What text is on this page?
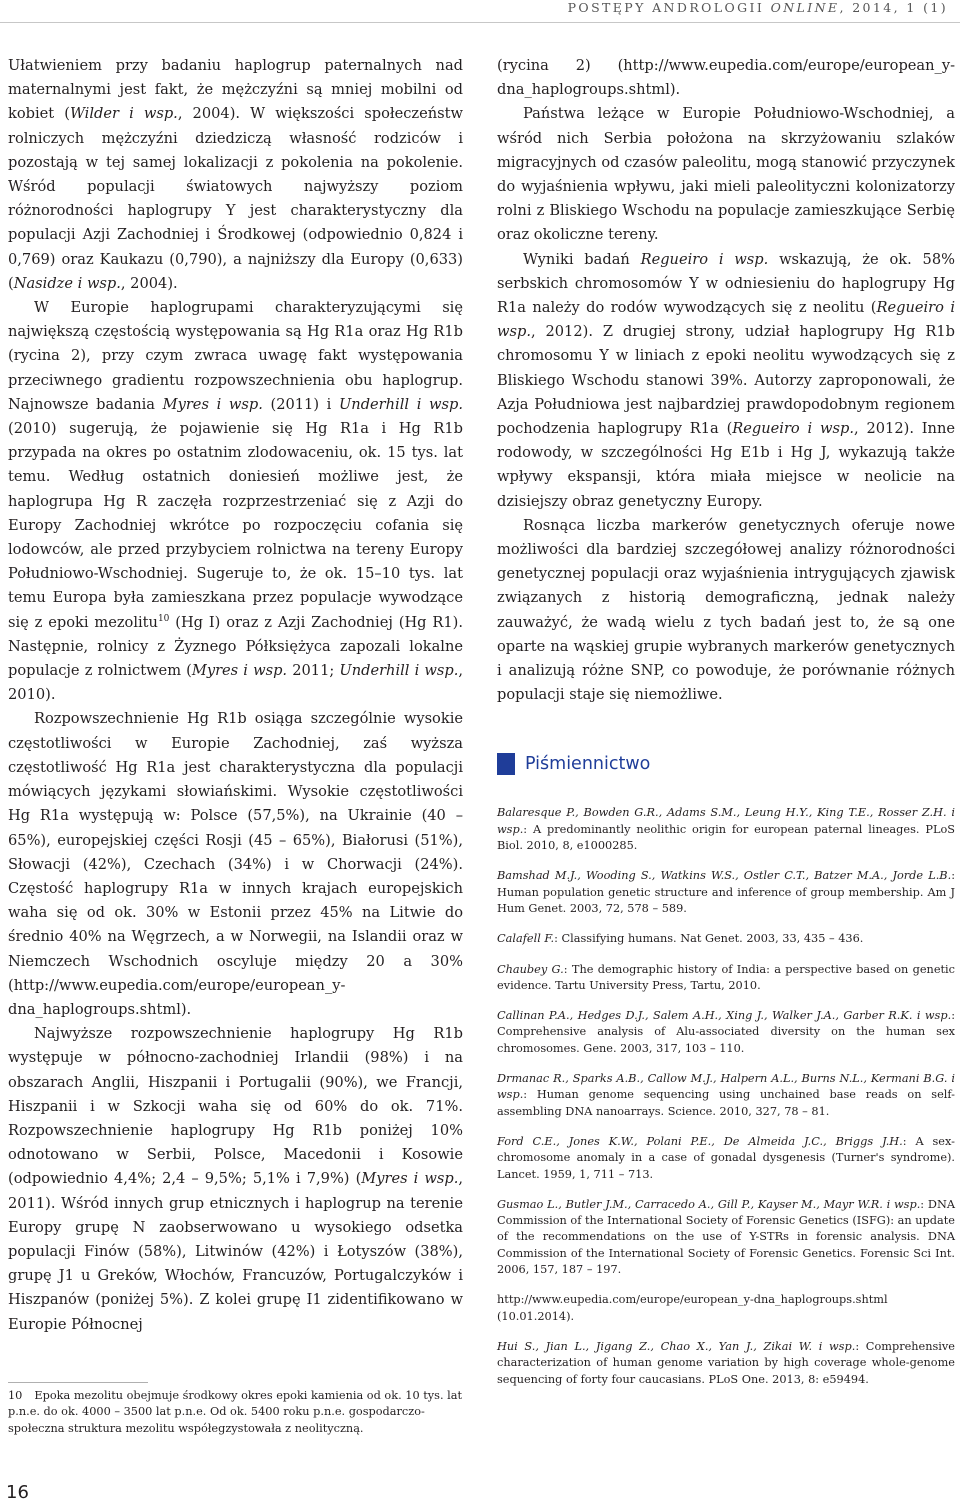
POSTĘPY ANDROLOGII ONLINE, 2014, 1 (1)

Ułatwieniem przy badaniu haplogrup paternalnych nad maternalnymi jest fakt, że mężczyźni są mniej mobilni od kobiet (Wilder i wsp., 2004). W większości społeczeństw rolniczych mężczyźni dziedziczą własność rodziców i pozostają w tej samej lokalizacji z pokolenia na pokolenie. Wśród populacji światowych najwyższy poziom różnorodności haplogrupy Y jest charakterystyczny dla populacji Azji Zachodniej i Środkowej (odpowiednio 0,824 i 0,769) oraz Kaukazu (0,790), a najniższy dla Europy (0,633) (Nasidze i wsp., 2004).

W Europie haplogrupami charakteryzującymi się największą częstością występowania są Hg R1a oraz Hg R1b (rycina 2), przy czym zwraca uwagę fakt występowania przeciwnego gradientu rozpowszechnienia obu haplogrup. Najnowsze badania Myres i wsp. (2011) i Underhill i wsp. (2010) sugerują, że pojawienie się Hg R1a i Hg R1b przypada na okres po ostatnim zlodowaceniu, ok. 15 tys. lat temu. Według ostatnich doniesień możliwe jest, że haplogrupa Hg R zaczęła rozprzestrzeniać się z Azji do Europy Zachodniej wkrótce po rozpoczęciu cofania się lodowców, ale przed przybyciem rolnictwa na tereny Europy Południowo-Wschodniej. Sugeruje to, że ok. 15–10 tys. lat temu Europa była zamieszkana przez populacje wywodzące się z epoki mezolitu$^{10}$ (Hg I) oraz z Azji Zachodniej (Hg R1). Następnie, rolnicy z Żyznego Półksiężyca zapozali lokalne populacje z rolnictwem (Myres i wsp. 2011; Underhill i wsp., 2010).

Rozpowszechnienie Hg R1b osiąga szczególnie wysokie częstotliwości w Europie Zachodniej, zaś wyższa częstotliwość Hg R1a jest charakterystyczna dla populacji mówiących językami słowiańskimi. Wysokie częstotliwości Hg R1a występują w: Polsce (57,5%), na Ukrainie (40 – 65%), europejskiej części Rosji (45 – 65%), Białorusi (51%), Słowacji (42%), Czechach (34%) i w Chorwacji (24%). Częstość haplogrupy R1a w innych krajach europejskich waha się od ok. 30% w Estonii przez 45% na Litwie do średnio 40% na Węgrzech, a w Norwegii, na Islandii oraz w Niemczech Wschodnich oscyluje między 20 a 30% (http://www.eupedia.com/europe/european_y-dna_haplogroups.shtml).

Najwyższe rozpowszechnienie haplogrupy Hg R1b występuje w północno-zachodniej Irlandii (98%) i na obszarach Anglii, Hiszpanii i Portugalii (90%), we Francji, Hiszpanii i w Szkocji waha się od 60% do ok. 71%. Rozpowszechnienie haplogrupy Hg R1b poniżej 10% odnotowano w Serbii, Polsce, Macedonii i Kosowie (odpowiednio 4,4%; 2,4 – 9,5%; 5,1% i 7,9%) (Myres i wsp., 2011). Wśród innych grup etnicznych i haplogrup na terenie Europy grupę N zaobserwowano u wysokiego odsetka populacji Finów (58%), Litwinów (42%) i Łotyszów (38%), grupę J1 u Greków, Włochów, Francuzów, Portugalczyków i Hiszpanów (poniżej 5%). Z kolei grupę I1 zidentifikowano w Europie Północnej

10 Epoka mezolitu obejmuje środkowy okres epoki kamienia od ok. 10 tys. lat p.n.e. do ok. 4000 – 3500 lat p.n.e. Od ok. 5400 roku p.n.e. gospodarczo-społeczna struktura mezolitu współegzystowała z neolityczną.

(rycina 2) (http://www.eupedia.com/europe/european_y-dna_haplogroups.shtml).

Państwa leżące w Europie Południowo-Wschodniej, a wśród nich Serbia położona na skrzyżowaniu szlaków migracyjnych od czasów paleolitu, mogą stanowić przyczynek do wyjaśnienia wpływu, jaki mieli paleolityczni kolonizatorzy rolni z Bliskiego Wschodu na populacje zamieszkujące Serbię oraz okoliczne tereny.

Wyniki badań Regueiro i wsp. wskazują, że ok. 58% serbskich chromosomów Y w odniesieniu do haplogrupy Hg R1a należy do rodów wywodzących się z neolitu (Regueiro i wsp., 2012). Z drugiej strony, udział haplogrupy Hg R1b chromosomu Y w liniach z epoki neolitu wywodzących się z Bliskiego Wschodu stanowi 39%. Autorzy zaproponowali, że Azja Południowa jest najbardziej prawdopodobnym regionem pochodzenia haplogrupy R1a (Regueiro i wsp., 2012). Inne rodowody, w szczególności Hg E1b i Hg J, wykazują także wpływy ekspansji, która miała miejsce w neolicie na dzisiejszy obraz genetyczny Europy.

Rosnąca liczba markerów genetycznych oferuje nowe możliwości dla bardziej szczegółowej analizy różnorodności genetycznej populacji oraz wyjaśnienia intrygujących zjawisk związanych z historią demograficzną, jednak należy zauważyć, że wadą wielu z tych badań jest to, że są one oparte na wąskiej grupie wybranych markerów genetycznych i analizują różne SNP, co powoduje, że porównanie różnych populacji staje się niemożliwe.

Piśmiennictwo

Balaresque P., Bowden G.R., Adams S.M., Leung H.Y., King T.E., Rosser Z.H. i wsp.: A predominantly neolithic origin for european paternal lineages. PLoS Biol. 2010, 8, e1000285.

Bamshad M.J., Wooding S., Watkins W.S., Ostler C.T., Batzer M.A., Jorde L.B.: Human population genetic structure and inference of group membership. Am J Hum Genet. 2003, 72, 578 – 589.

Calafell F.: Classifying humans. Nat Genet. 2003, 33, 435 – 436.

Chaubey G.: The demographic history of India: a perspective based on genetic evidence. Tartu University Press, Tartu, 2010.

Callinan P.A., Hedges D.J., Salem A.H., Xing J., Walker J.A., Garber R.K. i wsp.: Comprehensive analysis of Alu-associated diversity on the human sex chromosomes. Gene. 2003, 317, 103 – 110.

Drmanac R., Sparks A.B., Callow M.J., Halpern A.L., Burns N.L., Kermani B.G. i wsp.: Human genome sequencing using unchained base reads on self-assembling DNA nanoarrays. Science. 2010, 327, 78 – 81.

Ford C.E., Jones K.W., Polani P.E., De Almeida J.C., Briggs J.H.: A sex-chromosome anomaly in a case of gonadal dysgenesis (Turner's syndrome). Lancet. 1959, 1, 711 – 713.

Gusmao L., Butler J.M., Carracedo A., Gill P., Kayser M., Mayr W.R. i wsp.: DNA Commission of the International Society of Forensic Genetics (ISFG): an update of the recommendations on the use of Y-STRs in forensic analysis. DNA Commission of the International Society of Forensic Genetics. Forensic Sci Int. 2006, 157, 187 – 197.

http://www.eupedia.com/europe/european_y-dna_haplogroups.shtml (10.01.2014).

Hui S., Jian L., Jigang Z., Chao X., Yan J., Zikai W. i wsp.: Comprehensive characterization of human genome variation by high coverage whole-genome sequencing of forty four caucasians. PLoS One. 2013, 8: e59494.

16
